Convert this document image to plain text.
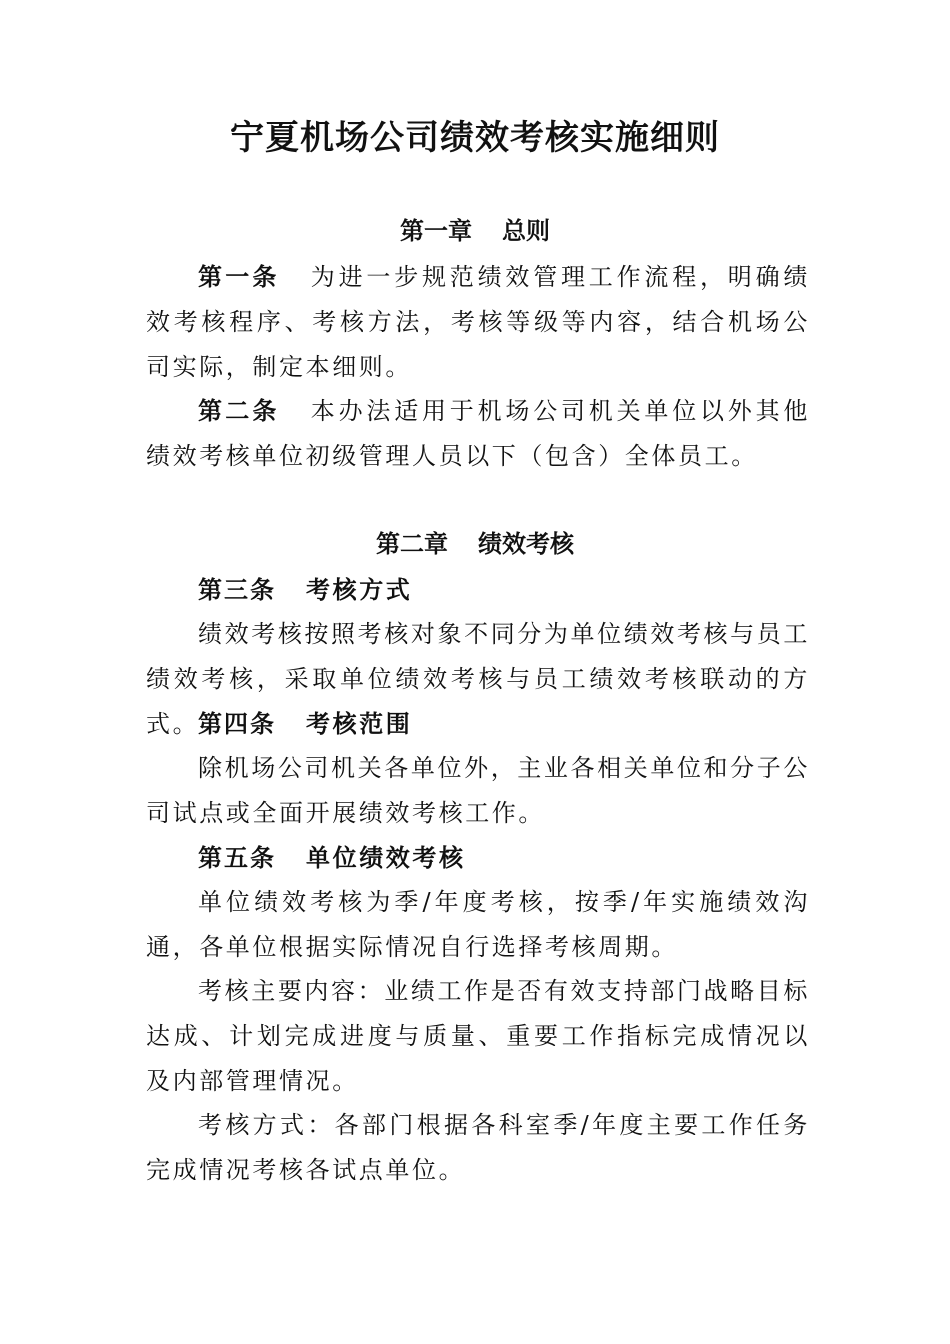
宁夏机场公司绩效考核实施细则
第一章 总则

第一条 为进一步规范绩效管理工作流程，明确绩效考核程序、考核方法，考核等级等内容，结合机场公司实际，制定本细则。

第二条 本办法适用于机场公司机关单位以外其他绩效考核单位初级管理人员以下（包含）全体员工。

第二章 绩效考核

第三条 考核方式

绩效考核按照考核对象不同分为单位绩效考核与员工绩效考核，采取单位绩效考核与员工绩效考核联动的方式。

第四条 考核范围

除机场公司机关各单位外，主业各相关单位和分子公司试点或全面开展绩效考核工作。

第五条 单位绩效考核

单位绩效考核为季/年度考核，按季/年实施绩效沟通，各单位根据实际情况自行选择考核周期。

考核主要内容：业绩工作是否有效支持部门战略目标达成、计划完成进度与质量、重要工作指标完成情况以及内部管理情况。

考核方式：各部门根据各科室季/年度主要工作任务完成情况考核各试点单位。
